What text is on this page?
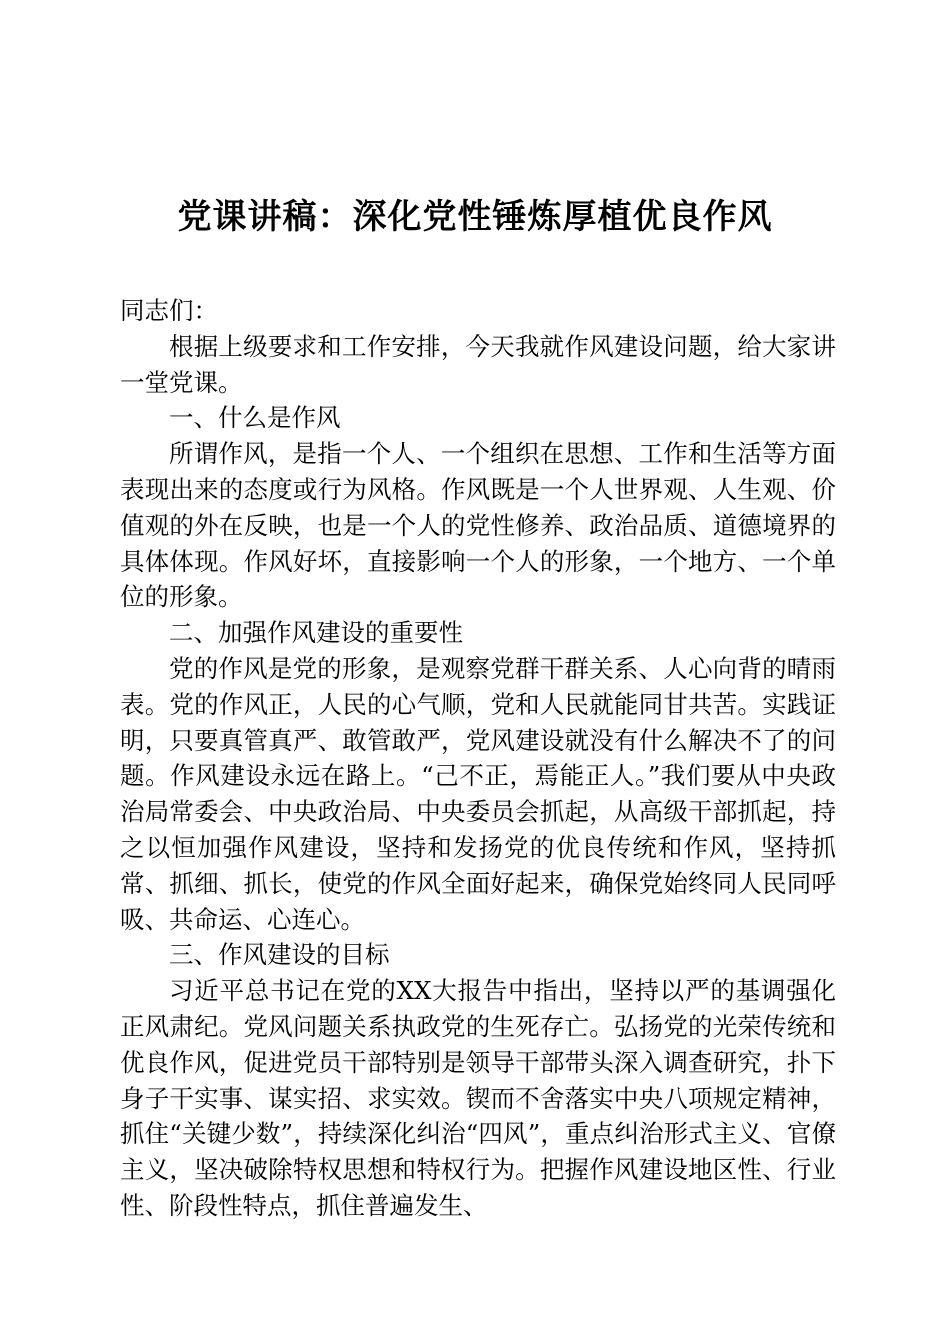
党课讲稿：深化党性锤炼厚植优良作风

同志们：

根据上级要求和工作安排，今天我就作风建设问题，给大家讲一堂党课。

一、什么是作风

所谓作风，是指一个人、一个组织在思想、工作和生活等方面表现出来的态度或行为风格。作风既是一个人世界观、人生观、价值观的外在反映，也是一个人的党性修养、政治品质、道德境界的具体体现。作风好坏，直接影响一个人的形象，一个地方、一个单位的形象。

二、加强作风建设的重要性

党的作风是党的形象，是观察党群干群关系、人心向背的晴雨表。党的作风正，人民的心气顺，党和人民就能同甘共苦。实践证明，只要真管真严、敢管敢严，党风建设就没有什么解决不了的问题。作风建设永远在路上。“己不正，焉能正人。”我们要从中央政治局常委会、中央政治局、中央委员会抓起，从高级干部抓起，持之以恒加强作风建设，坚持和发扬党的优良传统和作风，坚持抓常、抓细、抓长，使党的作风全面好起来，确保党始终同人民同呼吸、共命运、心连心。

三、作风建设的目标

习近平总书记在党的XX大报告中指出，坚持以严的基调强化正风肃纪。党风问题关系执政党的生死存亡。弘扬党的光荣传统和优良作风，促进党员干部特别是领导干部带头深入调查研究，扑下身子干实事、谋实招、求实效。锲而不舍落实中央八项规定精神，抓住“关键少数”，持续深化纠治“四风”，重点纠治形式主义、官僚主义，坚决破除特权思想和特权行为。把握作风建设地区性、行业性、阶段性特点，抓住普遍发生、
